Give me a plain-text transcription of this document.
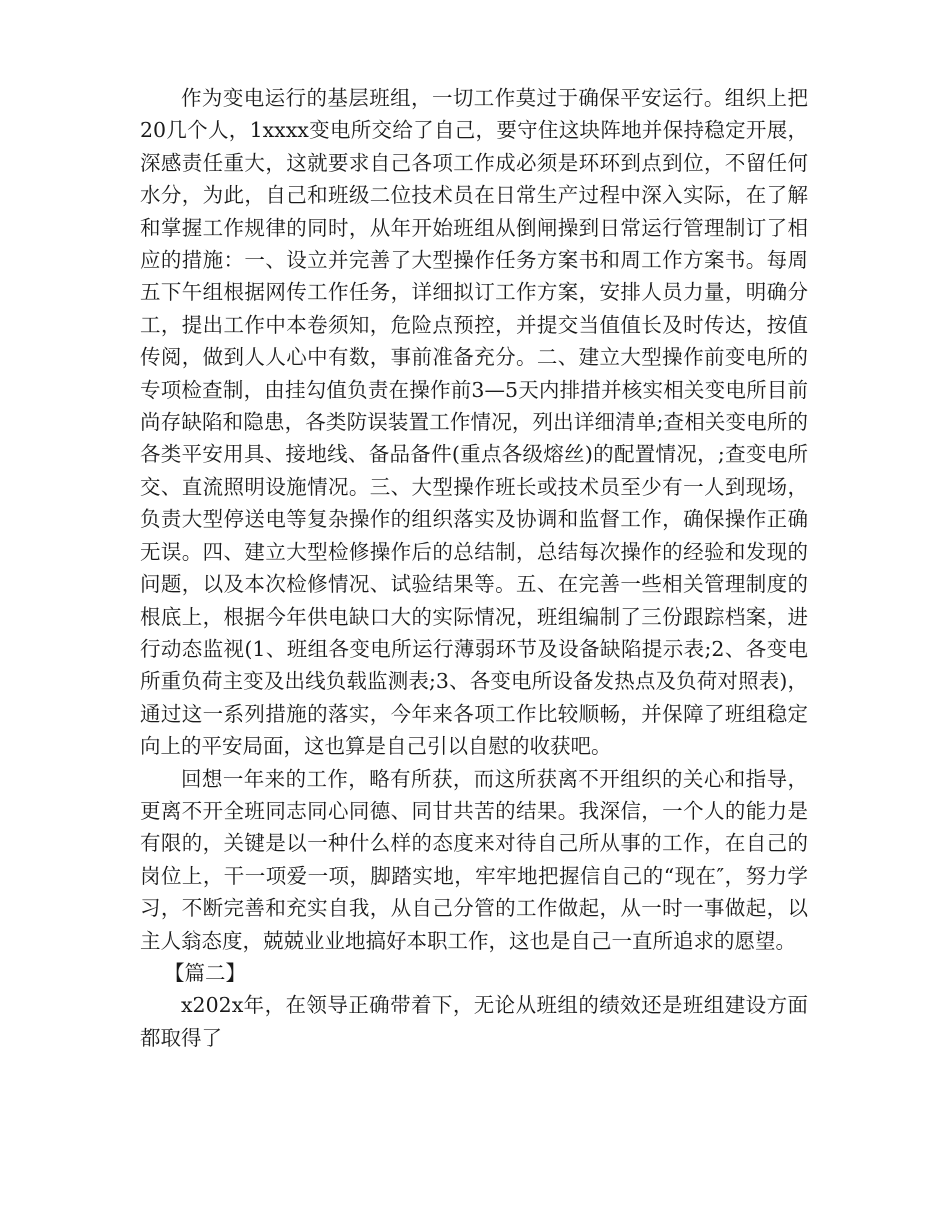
作为变电运行的基层班组，一切工作莫过于确保平安运行。组织上把20几个人，1xxxx变电所交给了自己，要守住这块阵地并保持稳定开展，深感责任重大，这就要求自己各项工作成必须是环环到点到位，不留任何水分，为此，自己和班级二位技术员在日常生产过程中深入实际，在了解和掌握工作规律的同时，从年开始班组从倒闸操到日常运行管理制订了相应的措施：一、设立并完善了大型操作任务方案书和周工作方案书。每周五下午组根据网传工作任务，详细拟订工作方案，安排人员力量，明确分工，提出工作中本卷须知，危险点预控，并提交当值值长及时传达，按值传阅，做到人人心中有数，事前准备充分。二、建立大型操作前变电所的专项检查制，由挂勾值负责在操作前3—5天内排措并核实相关变电所目前尚存缺陷和隐患，各类防误装置工作情况，列出详细清单;查相关变电所的各类平安用具、接地线、备品备件(重点各级熔丝)的配置情况，;查变电所交、直流照明设施情况。三、大型操作班长或技术员至少有一人到现场，负责大型停送电等复杂操作的组织落实及协调和监督工作，确保操作正确无误。四、建立大型检修操作后的总结制，总结每次操作的经验和发现的问题，以及本次检修情况、试验结果等。五、在完善一些相关管理制度的根底上，根据今年供电缺口大的实际情况，班组编制了三份跟踪档案，进行动态监视(1、班组各变电所运行薄弱环节及设备缺陷提示表;2、各变电所重负荷主变及出线负载监测表;3、各变电所设备发热点及负荷对照表)，通过这一系列措施的落实，今年来各项工作比较顺畅，并保障了班组稳定向上的平安局面，这也算是自己引以自慰的收获吧。

回想一年来的工作，略有所获，而这所获离不开组织的关心和指导，更离不开全班同志同心同德、同甘共苦的结果。我深信，一个人的能力是有限的，关键是以一种什么样的态度来对待自己所从事的工作，在自己的岗位上，干一项爱一项，脚踏实地，牢牢地把握信自己的“现在″，努力学习，不断完善和充实自我，从自己分管的工作做起，从一时一事做起，以主人翁态度，兢兢业业地搞好本职工作，这也是自己一直所追求的愿望。

【篇二】

x202x年，在领导正确带着下，无论从班组的绩效还是班组建设方面都取得了
